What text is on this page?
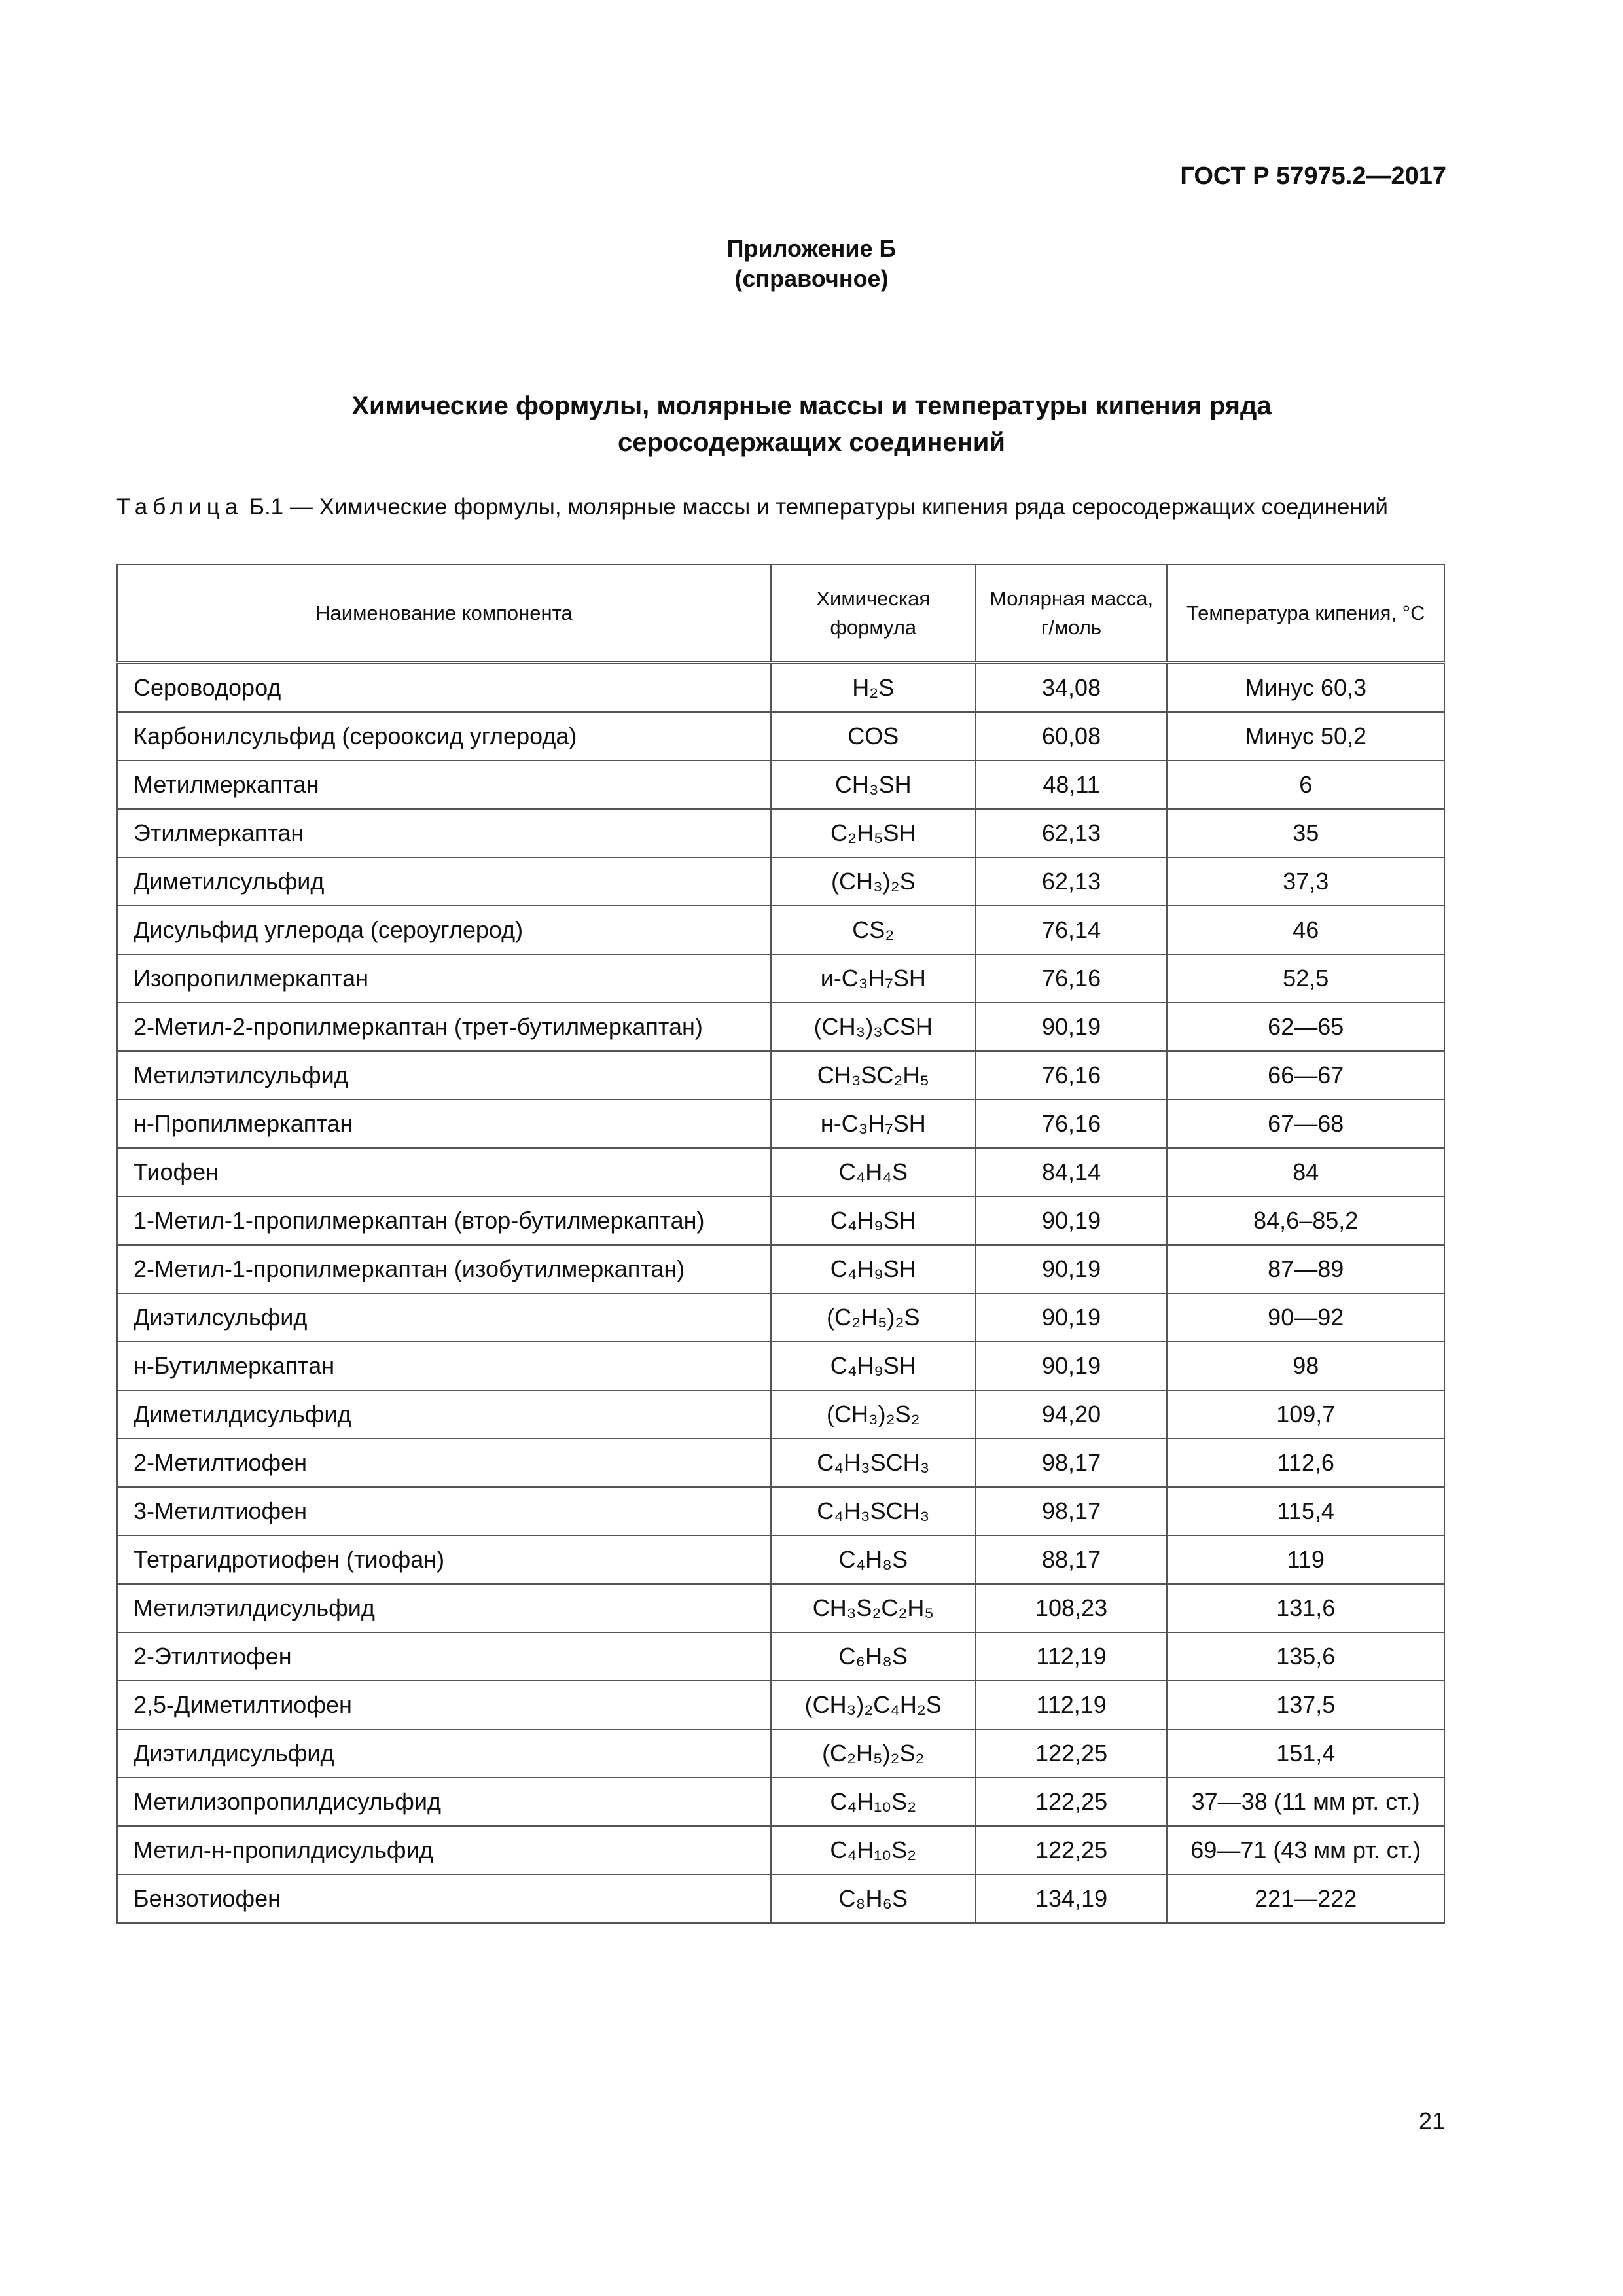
ГОСТ Р 57975.2—2017
Приложение Б
(справочное)
Химические формулы, молярные массы и температуры кипения ряда
серосодержащих соединений
Таблица Б.1 — Химические формулы, молярные массы и температуры кипения ряда серосодержащих соединений
Наименование компонента	Химическая формула	Молярная масса, г/моль	Температура кипения, °С
Сероводород	H₂S	34,08	Минус 60,3
Карбонилсульфид (серооксид углерода)	COS	60,08	Минус 50,2
Метилмеркаптан	CH₃SH	48,11	6
Этилмеркаптан	C₂H₅SH	62,13	35
Диметилсульфид	(CH₃)₂S	62,13	37,3
Дисульфид углерода (сероуглерод)	CS₂	76,14	46
Изопропилмеркаптан	и-C₃H₇SH	76,16	52,5
2-Метил-2-пропилмеркаптан (трет-бутилмеркаптан)	(CH₃)₃CSH	90,19	62—65
Метилэтилсульфид	CH₃SC₂H₅	76,16	66—67
н-Пропилмеркаптан	н-C₃H₇SH	76,16	67—68
Тиофен	C₄H₄S	84,14	84
1-Метил-1-пропилмеркаптан (втор-бутилмеркаптан)	C₄H₉SH	90,19	84,6–85,2
2-Метил-1-пропилмеркаптан (изобутилмеркаптан)	C₄H₉SH	90,19	87—89
Диэтилсульфид	(C₂H₅)₂S	90,19	90—92
н-Бутилмеркаптан	C₄H₉SH	90,19	98
Диметилдисульфид	(CH₃)₂S₂	94,20	109,7
2-Метилтиофен	C₄H₃SCH₃	98,17	112,6
3-Метилтиофен	C₄H₃SCH₃	98,17	115,4
Тетрагидротиофен (тиофан)	C₄H₈S	88,17	119
Метилэтилдисульфид	CH₃S₂C₂H₅	108,23	131,6
2-Этилтиофен	C₆H₈S	112,19	135,6
2,5-Диметилтиофен	(CH₃)₂C₄H₂S	112,19	137,5
Диэтилдисульфид	(C₂H₅)₂S₂	122,25	151,4
Метилизопропилдисульфид	C₄H₁₀S₂	122,25	37—38 (11 мм рт. ст.)
Метил-н-пропилдисульфид	C₄H₁₀S₂	122,25	69—71 (43 мм рт. ст.)
Бензотиофен	C₈H₆S	134,19	221—222
21
